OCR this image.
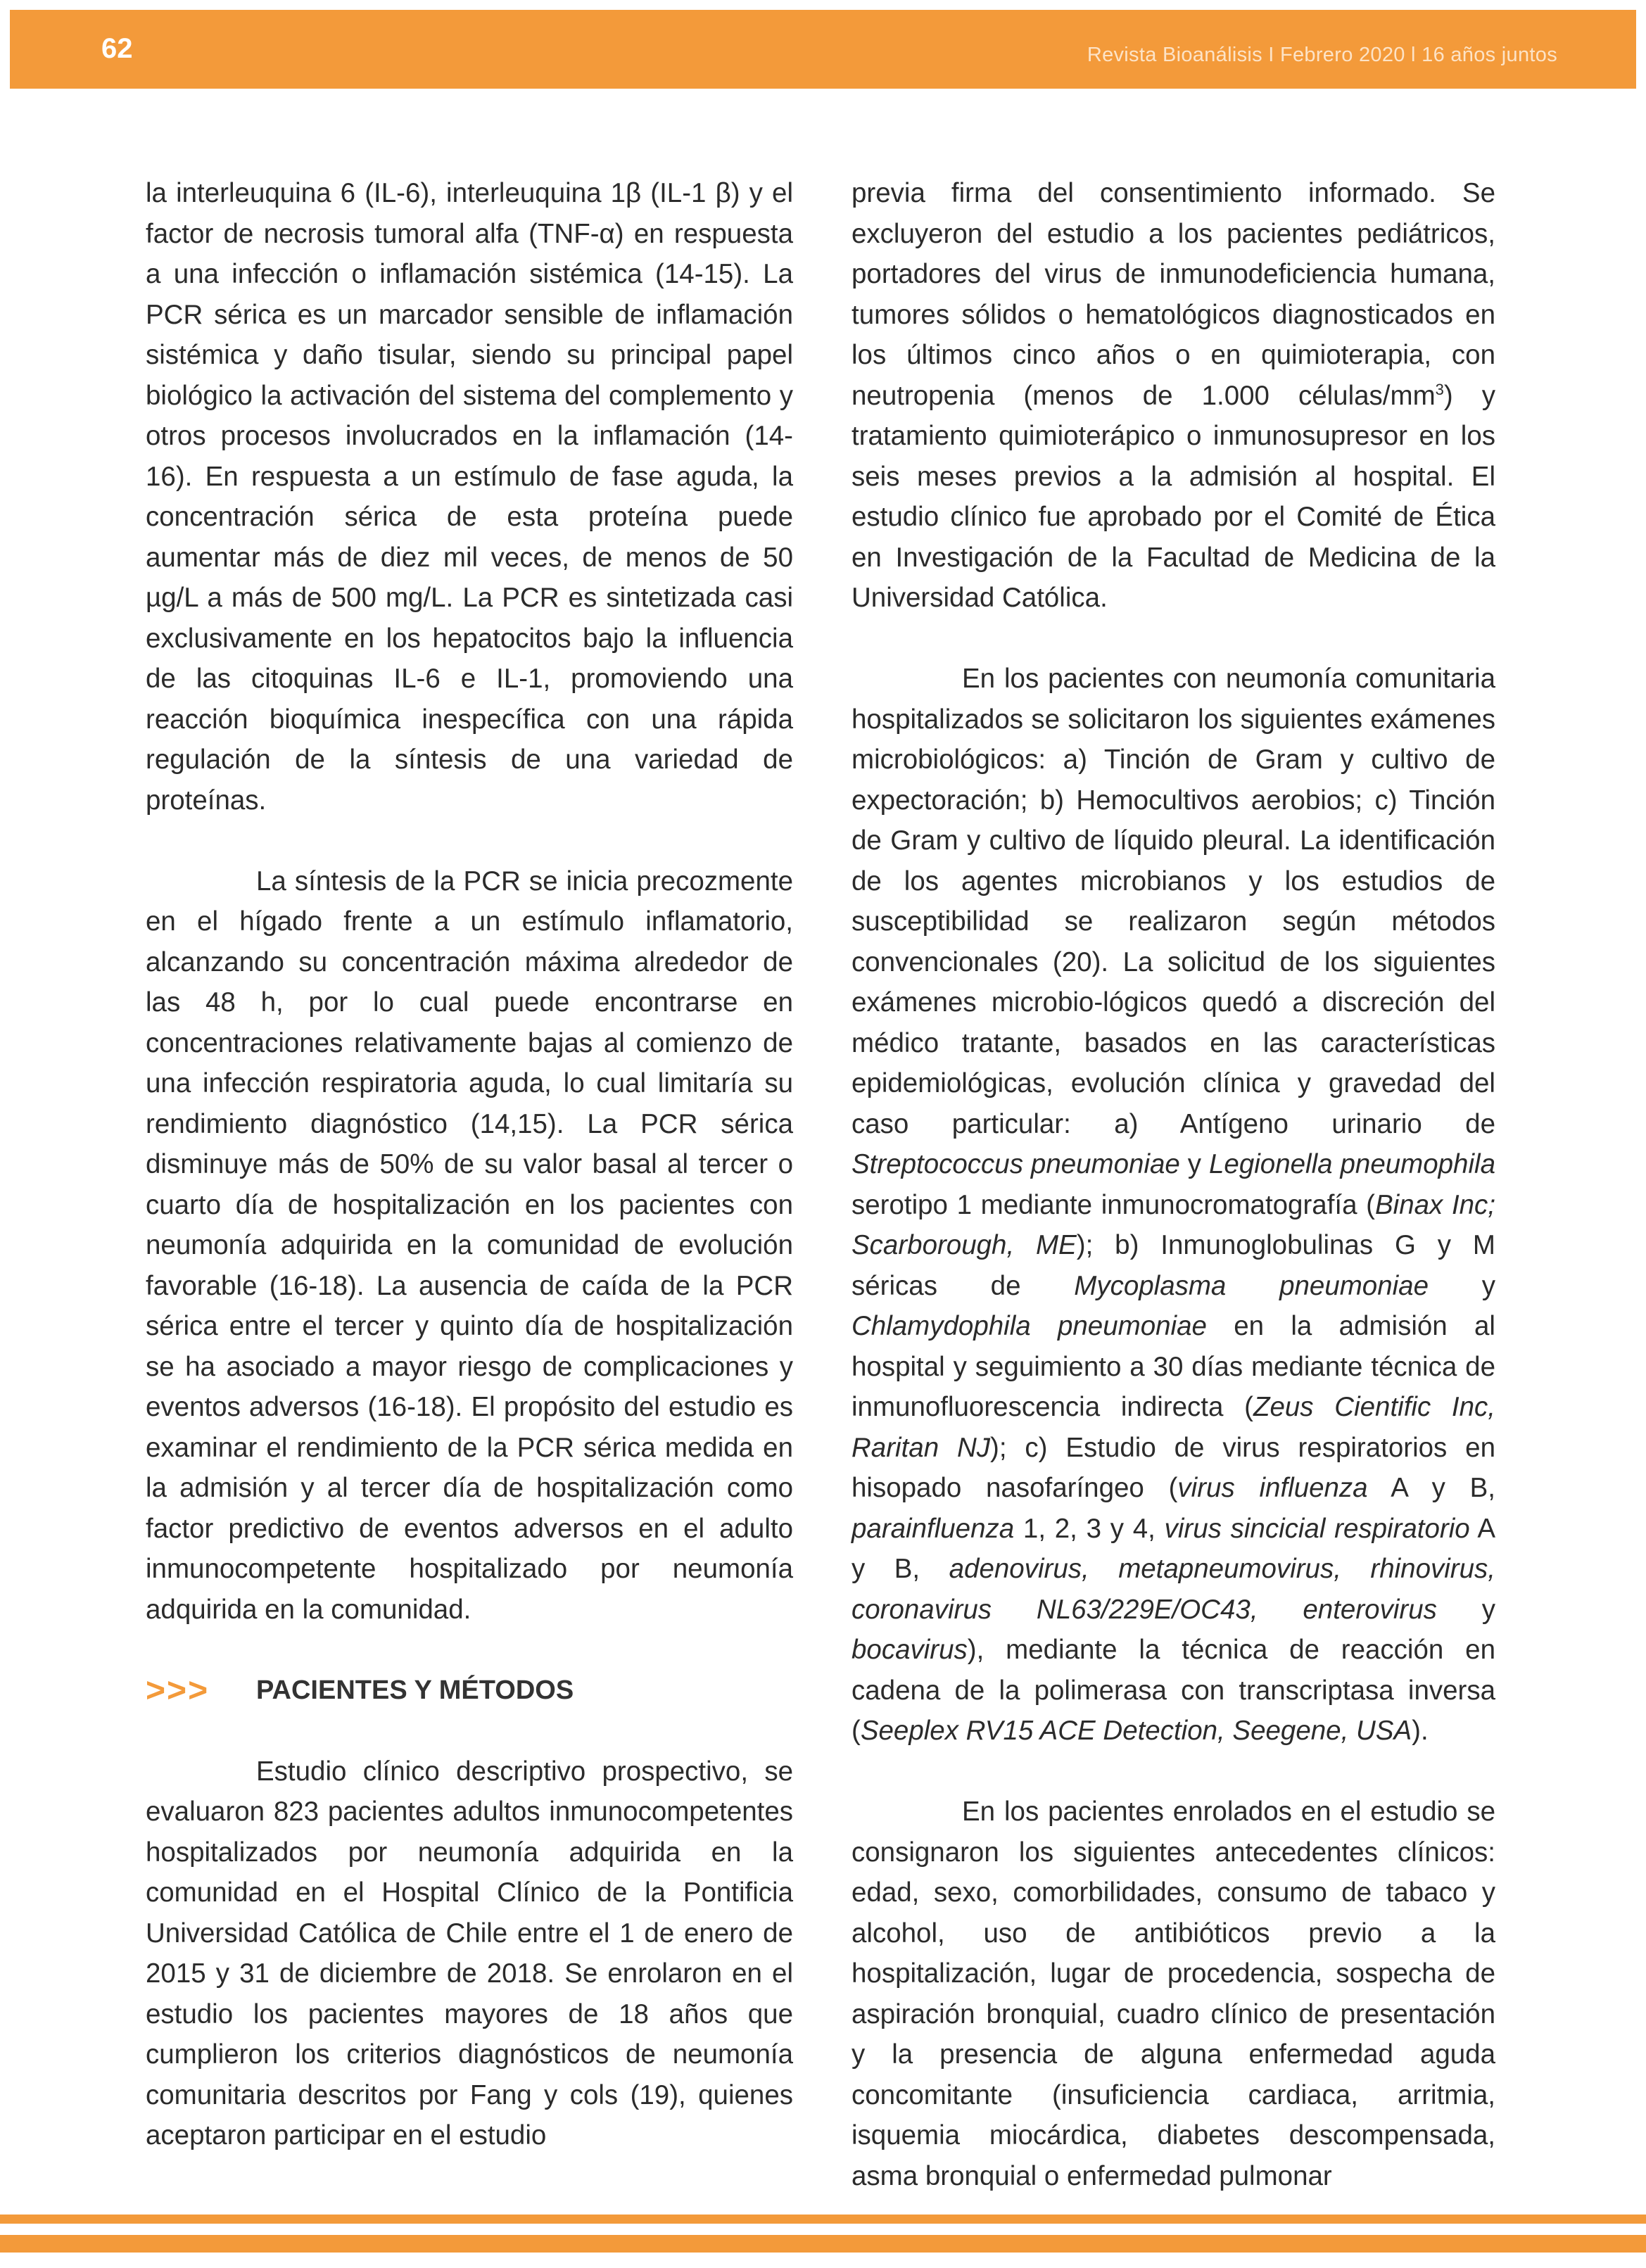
62	Revista Bioanálisis I Febrero 2020 l 16 años juntos

la interleuquina 6 (IL-6), interleuquina 1β (IL-1 β) y el factor de necrosis tumoral alfa (TNF-α) en respuesta a una infección o inflamación sistémica (14-15). La PCR sérica es un marcador sensible de inflamación sistémica y daño tisular, siendo su principal papel biológico la activación del sistema del complemento y otros procesos involucrados en la inflamación (14-16). En respuesta a un estímulo de fase aguda, la concentración sérica de esta proteína puede aumentar más de diez mil veces, de menos de 50 µg/L a más de 500 mg/L. La PCR es sintetizada casi exclusivamente en los hepatocitos bajo la influencia de las citoquinas IL-6 e IL-1, promoviendo una reacción bioquímica inespecífica con una rápida regulación de la síntesis de una variedad de proteínas.

La síntesis de la PCR se inicia precozmente en el hígado frente a un estímulo inflamatorio, alcanzando su concentración máxima alrededor de las 48 h, por lo cual puede encontrarse en concentraciones relativamente bajas al comienzo de una infección respiratoria aguda, lo cual limitaría su rendimiento diagnóstico (14,15). La PCR sérica disminuye más de 50% de su valor basal al tercer o cuarto día de hospitalización en los pacientes con neumonía adquirida en la comunidad de evolución favorable (16-18). La ausencia de caída de la PCR sérica entre el tercer y quinto día de hospitalización se ha asociado a mayor riesgo de complicaciones y eventos adversos (16-18). El propósito del estudio es examinar el rendimiento de la PCR sérica medida en la admisión y al tercer día de hospitalización como factor predictivo de eventos adversos en el adulto inmunocompetente hospitalizado por neumonía adquirida en la comunidad.

>>>	PACIENTES Y MÉTODOS

Estudio clínico descriptivo prospectivo, se evaluaron 823 pacientes adultos inmunocompetentes hospitalizados por neumonía adquirida en la comunidad en el Hospital Clínico de la Pontificia Universidad Católica de Chile entre el 1 de enero de 2015 y 31 de diciembre de 2018. Se enrolaron en el estudio los pacientes mayores de 18 años que cumplieron los criterios diagnósticos de neumonía comunitaria descritos por Fang y cols (19), quienes aceptaron participar en el estudio

previa firma del consentimiento informado. Se excluyeron del estudio a los pacientes pediátricos, portadores del virus de inmunodeficiencia humana, tumores sólidos o hematológicos diagnosticados en los últimos cinco años o en quimioterapia, con neutropenia (menos de 1.000 células/$mm^3$) y tratamiento quimioterápico o inmunosupresor en los seis meses previos a la admisión al hospital. El estudio clínico fue aprobado por el Comité de Ética en Investigación de la Facultad de Medicina de la Universidad Católica.

En los pacientes con neumonía comunitaria hospitalizados se solicitaron los siguientes exámenes microbiológicos: a) Tinción de Gram y cultivo de expectoración; b) Hemocultivos aerobios; c) Tinción de Gram y cultivo de líquido pleural. La identificación de los agentes microbianos y los estudios de susceptibilidad se realizaron según métodos convencionales (20). La solicitud de los siguientes exámenes microbio-lógicos quedó a discreción del médico tratante, basados en las características epidemiológicas, evolución clínica y gravedad del caso particular: a) Antígeno urinario de Streptococcus pneumoniae y Legionella pneumophila serotipo 1 mediante inmunocromatografía (Binax Inc; Scarborough, ME); b) Inmunoglobulinas G y M séricas de Mycoplasma pneumoniae y Chlamydophila pneumoniae en la admisión al hospital y seguimiento a 30 días mediante técnica de inmunofluorescencia indirecta (Zeus Cientific Inc, Raritan NJ); c) Estudio de virus respiratorios en hisopado nasofaríngeo (virus influenza A y B, parainfluenza 1, 2, 3 y 4, virus sincicial respiratorio A y B, adenovirus, metapneumovirus, rhinovirus, coronavirus NL63/229E/OC43, enterovirus y bocavirus), mediante la técnica de reacción en cadena de la polimerasa con transcriptasa inversa (Seeplex RV15 ACE Detection, Seegene, USA).

En los pacientes enrolados en el estudio se consignaron los siguientes antecedentes clínicos: edad, sexo, comorbilidades, consumo de tabaco y alcohol, uso de antibióticos previo a la hospitalización, lugar de procedencia, sospecha de aspiración bronquial, cuadro clínico de presentación y la presencia de alguna enfermedad aguda concomitante (insuficiencia cardiaca, arritmia, isquemia miocárdica, diabetes descompensada, asma bronquial o enfermedad pulmonar
